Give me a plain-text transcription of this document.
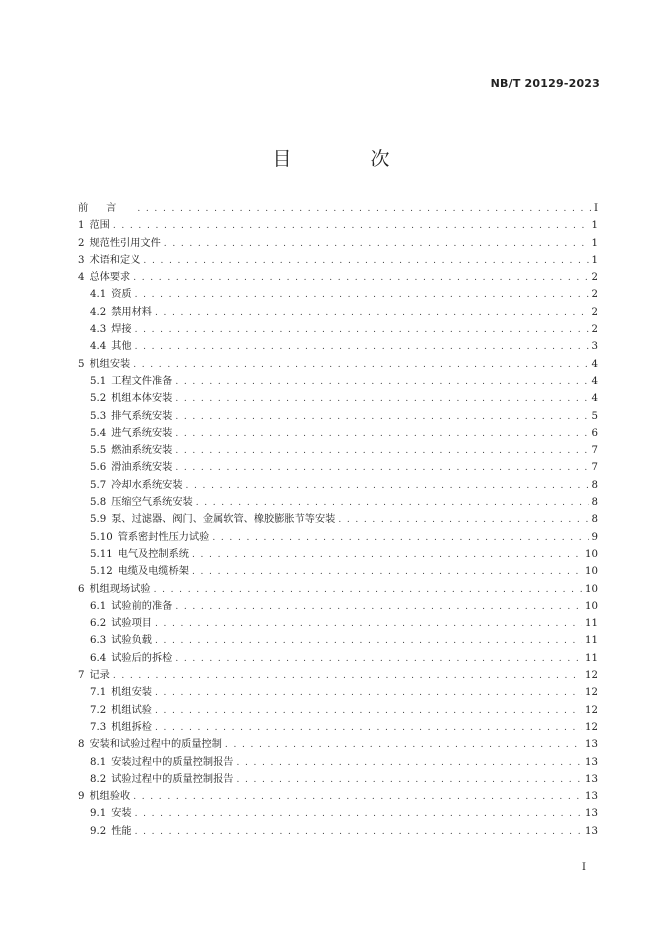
NB/T 20129-2023
目　次
前言 . . .	I
1 范围 . . .	1
2 规范性引用文件 . . .	1
3 术语和定义 . . .	1
4 总体要求 . . .	2
4.1 资质 . . .	2
4.2 禁用材料 . . .	2
4.3 焊接 . . .	2
4.4 其他 . . .	3
5 机组安装 . . .	4
5.1 工程文件准备 . . .	4
5.2 机组本体安装 . . .	4
5.3 排气系统安装 . . .	5
5.4 进气系统安装 . . .	6
5.5 燃油系统安装 . . .	7
5.6 滑油系统安装 . . .	7
5.7 冷却水系统安装 . . .	8
5.8 压缩空气系统安装 . . .	8
5.9 泵、过滤器、阀门、金属软管、橡胶膨胀节等安装 . . .	8
5.10 管系密封性压力试验 . . .	9
5.11 电气及控制系统 . . .	10
5.12 电缆及电缆桥架 . . .	10
6 机组现场试验 . . .	10
6.1 试验前的准备 . . .	10
6.2 试验项目 . . .	11
6.3 试验负载 . . .	11
6.4 试验后的拆检 . . .	11
7 记录 . . .	12
7.1 机组安装 . . .	12
7.2 机组试验 . . .	12
7.3 机组拆检 . . .	12
8 安装和试验过程中的质量控制 . . .	13
8.1 安装过程中的质量控制报告 . . .	13
8.2 试验过程中的质量控制报告 . . .	13
9 机组验收 . . .	13
9.1 安装 . . .	13
9.2 性能 . . .	13
I
